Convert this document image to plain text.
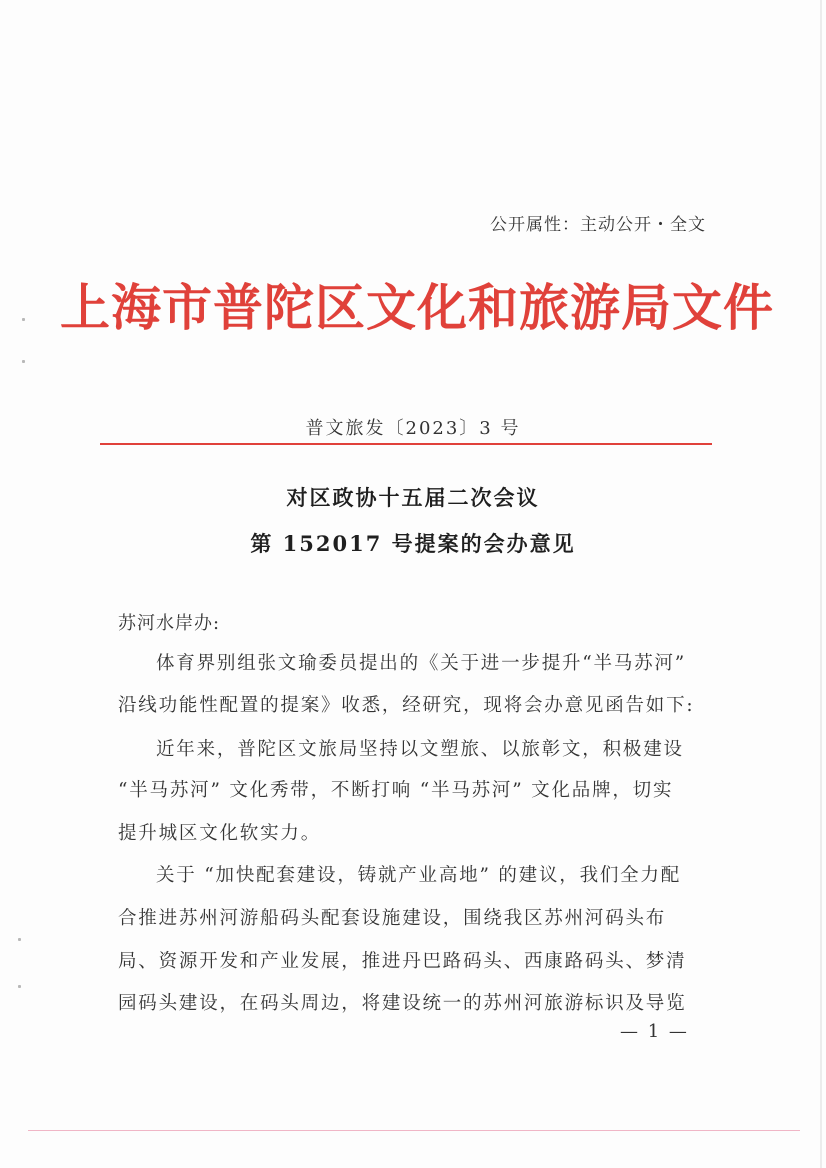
公开属性：主动公开・全文
上海市普陀区文化和旅游局文件
普文旅发〔2023〕3 号
对区政协十五届二次会议
第 152017 号提案的会办意见
苏河水岸办:
体育界别组张文瑜委员提出的《关于进一步提升“半马苏河”
沿线功能性配置的提案》收悉，经研究，现将会办意见函告如下:
近年来，普陀区文旅局坚持以文塑旅、以旅彰文，积极建设
“半马苏河” 文化秀带，不断打响 “半马苏河” 文化品牌，切实
提升城区文化软实力。
关于 “加快配套建设，铸就产业高地” 的建议，我们全力配
合推进苏州河游船码头配套设施建设，围绕我区苏州河码头布
局、资源开发和产业发展，推进丹巴路码头、西康路码头、梦清
园码头建设，在码头周边，将建设统一的苏州河旅游标识及导览
— 1 —
